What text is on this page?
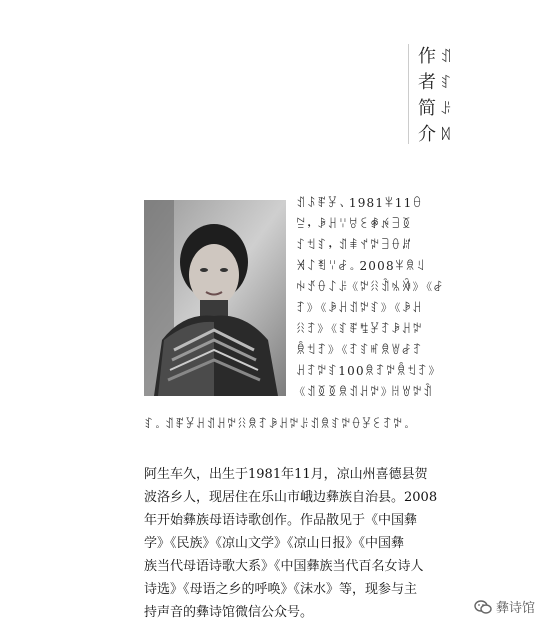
作
者
简
介
ꀊ
ꆏ
ꌠ
ꉙ
ꀊꌺꍶꐯ、1981ꈎ11ꆪ
ꊂ，ꆃꃅꈌꀞꏂꑸꉌꎆꅉ
ꉘꉬꆏ，ꀊꑌꀈꉢꎆꂷꏦ
ꈁꋍꄮꈌꆀ。2008ꈎꌋꆹ
ꑭꀋꂷꋍꌠ《ꉢꋧꀉꁱꋅ》《ꆀ
ꆈ》《ꆃꃅꀊꉢꆏ》《ꆃꃅ
ꋧꆈ》《ꆏꍶꊒꐯꆈꆃꃅꉢ
ꌊꉬꆈ》《ꆈꆏꎭꌋꇐꆀꆈ
ꃅꆈꉢꆏ100ꌋꆈꉢꌊꉬꆈ》
《ꀊꅉꅉꌋꀊꃅꉢ》ꀍꇐꉢꀉ
ꆏ。ꀊꍶꐯꃅꀊꃅꉢꋧꌋꆈꆃꃅꉢꌠꀊꌋꆏꉢꂷꐯꏂꆈꉢ。
阿生车久，出生于1981年11月，凉山州喜德县贺
波洛乡人，现居住在乐山市峨边彝族自治县。2008
年开始彝族母语诗歌创作。作品散见于《中国彝
学》《民族》《凉山文学》《凉山日报》《中国彝
族当代母语诗歌大系》《中国彝族当代百名女诗人
诗选》《母语之乡的呼唤》《沫水》等，现参与主
持声音的彝诗馆微信公众号。	彝诗馆
